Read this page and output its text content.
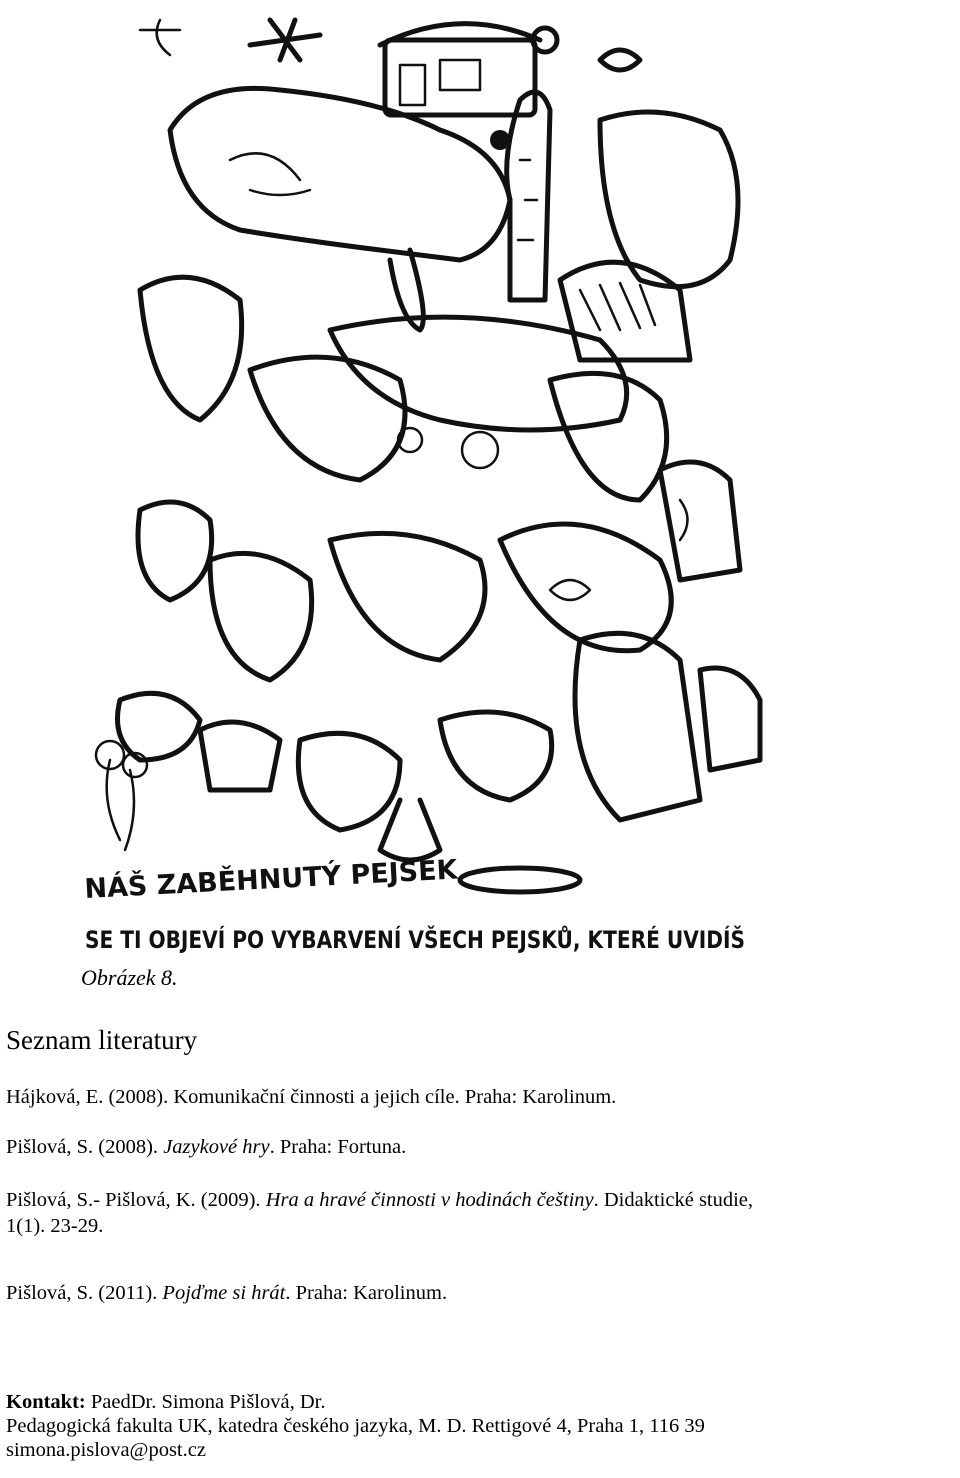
NÁŠ ZABĚHNUTÝ PEJSEK
SE TI OBJEVÍ PO VYBARVENÍ VŠECH PEJSKŮ, KTERÉ UVIDÍŠ
Obrázek 8.
Seznam literatury
Hájková, E. (2008). Komunikační činnosti a jejich cíle. Praha: Karolinum.
Pišlová, S. (2008). Jazykové hry. Praha: Fortuna.
Pišlová, S.- Pišlová, K. (2009). Hra a hravé činnosti v hodinách češtiny. Didaktické studie,
1(1). 23-29.
Pišlová, S. (2011). Pojďme si hrát. Praha: Karolinum.
Kontakt: PaedDr. Simona Pišlová, Dr.
Pedagogická fakulta UK, katedra českého jazyka, M. D. Rettigové 4, Praha 1, 116 39
simona.pislova@post.cz
